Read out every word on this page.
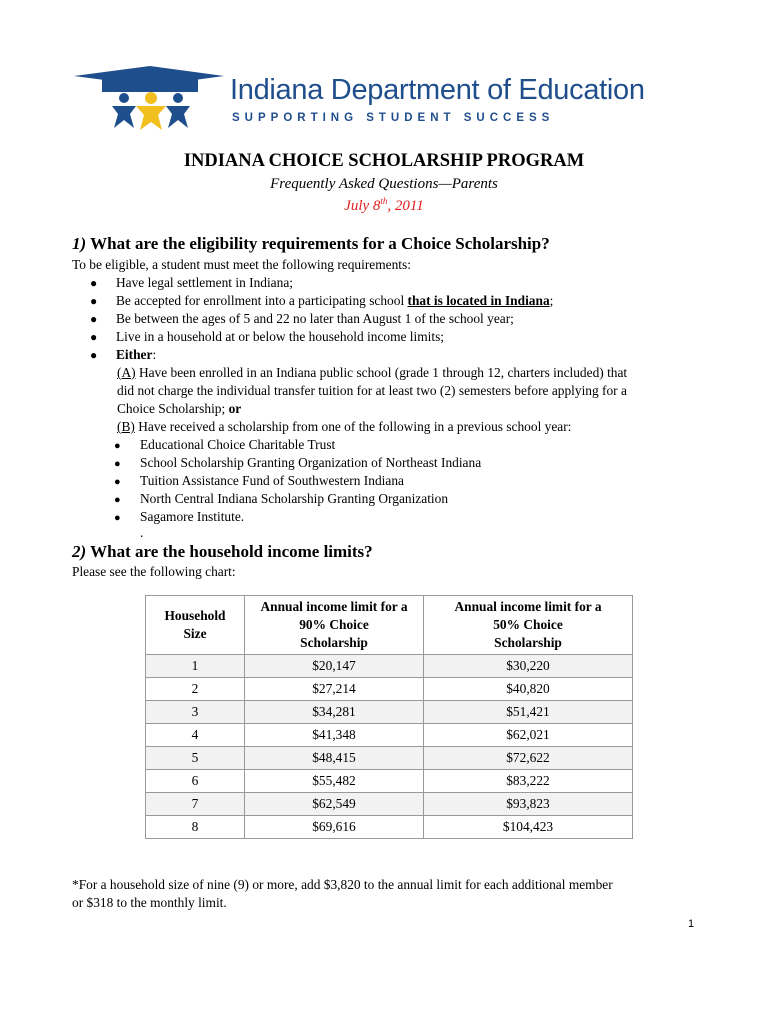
Indiana Department of Education
SUPPORTING STUDENT SUCCESS
INDIANA CHOICE SCHOLARSHIP PROGRAM
Frequently Asked Questions—Parents
July 8th, 2011
1) What are the eligibility requirements for a Choice Scholarship?
To be eligible, a student must meet the following requirements:
● Have legal settlement in Indiana;
● Be accepted for enrollment into a participating school that is located in Indiana;
● Be between the ages of 5 and 22 no later than August 1 of the school year;
● Live in a household at or below the household income limits;
● Either:
(A) Have been enrolled in an Indiana public school (grade 1 through 12, charters included) that
did not charge the individual transfer tuition for at least two (2) semesters before applying for a
Choice Scholarship; or
(B) Have received a scholarship from one of the following in a previous school year:
● Educational Choice Charitable Trust
● School Scholarship Granting Organization of Northeast Indiana
● Tuition Assistance Fund of Southwestern Indiana
● North Central Indiana Scholarship Granting Organization
● Sagamore Institute.
.
2) What are the household income limits?
Please see the following chart:
Household
Size	Annual income limit for a
90% Choice
Scholarship	Annual income limit for a
50% Choice
Scholarship
1	$20,147	$30,220
2	$27,214	$40,820
3	$34,281	$51,421
4	$41,348	$62,021
5	$48,415	$72,622
6	$55,482	$83,222
7	$62,549	$93,823
8	$69,616	$104,423
*For a household size of nine (9) or more, add $3,820 to the annual limit for each additional member
or $318 to the monthly limit.
1
